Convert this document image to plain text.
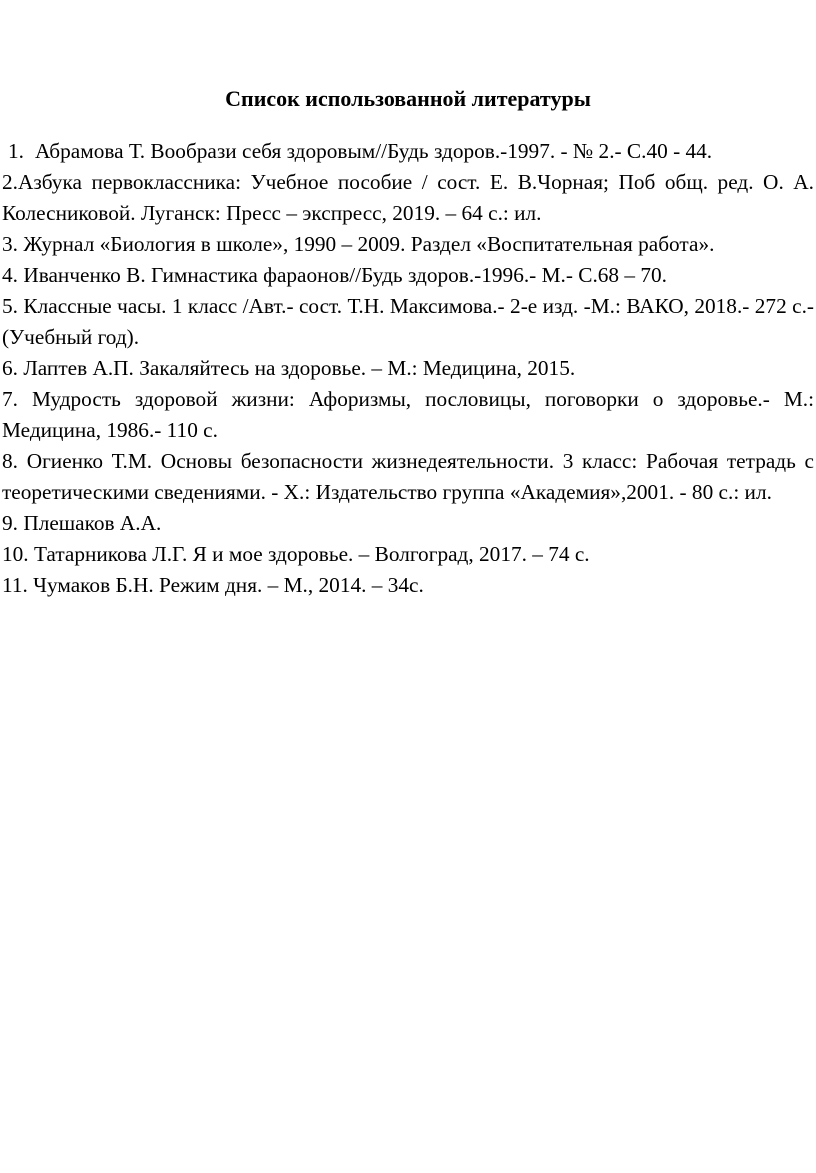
Список использованной литературы

1. Абрамова Т. Вообрази себя здоровым//Будь здоров.-1997. - № 2.- С.40 - 44.

2.Азбука первоклассника: Учебное пособие / сост. Е. В.Чорная; Поб общ. ред. О. А. Колесниковой. Луганск: Пресс – экспресс, 2019. – 64 с.: ил.

3. Журнал «Биология в школе», 1990 – 2009. Раздел «Воспитательная работа».

4. Иванченко В. Гимнастика фараонов//Будь здоров.-1996.- М.- С.68 – 70.

5. Классные часы. 1 класс /Авт.- сост. Т.Н. Максимова.- 2-е изд. -М.: ВАКО, 2018.- 272 с.- (Учебный год).

6. Лаптев А.П. Закаляйтесь на здоровье. – М.: Медицина, 2015.

7. Мудрость здоровой жизни: Афоризмы, пословицы, поговорки о здоровье.- М.: Медицина, 1986.- 110 с.

8. Огиенко Т.М. Основы безопасности жизнедеятельности. 3 класс: Рабочая тетрадь с теоретическими сведениями. - Х.: Издательство группа «Академия»,2001. - 80 с.: ил.

9. Плешаков А.А.

10. Татарникова Л.Г. Я и мое здоровье. – Волгоград, 2017. – 74 с.

11. Чумаков Б.Н. Режим дня. – М., 2014. – 34с.
